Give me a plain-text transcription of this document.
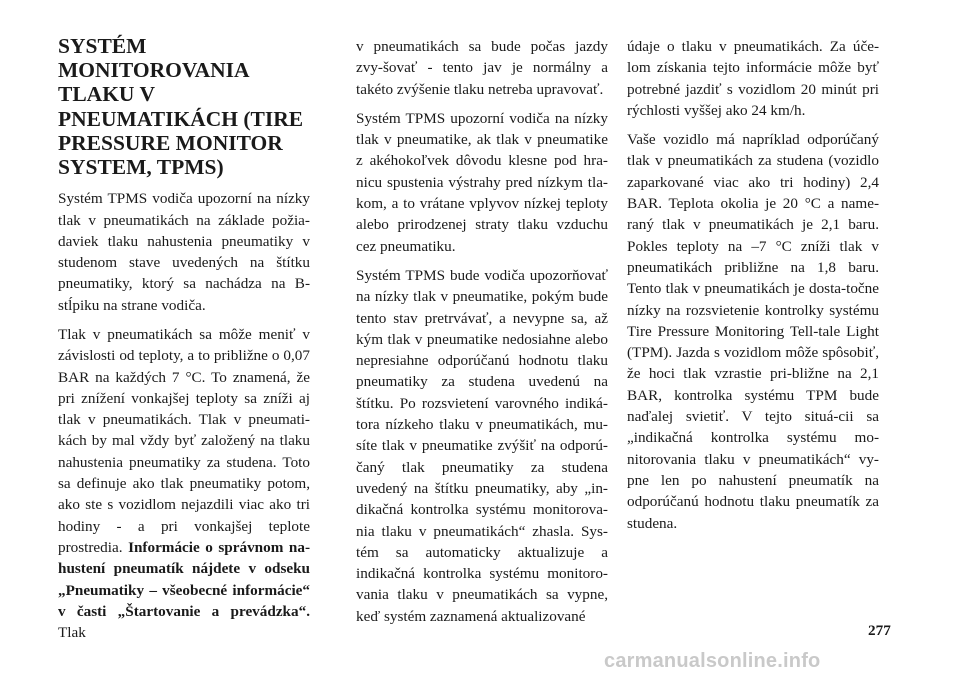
SYSTÉM
MONITOROVANIA
TLAKU V
PNEUMATIKÁCH (TIRE
PRESSURE MONITOR
SYSTEM, TPMS)

Systém TPMS vodiča upozorní na nízky tlak v pneumatikách na základe požia-daviek tlaku nahustenia pneumatiky v studenom stave uvedených na štítku pneumatiky, ktorý sa nachádza na B-stĺpiku na strane vodiča.

Tlak v pneumatikách sa môže meniť v závislosti od teploty, a to približne o 0,07 BAR na každých 7 °C. To znamená, že pri znížení vonkajšej teploty sa zníži aj tlak v pneumatikách. Tlak v pneumati-kách by mal vždy byť založený na tlaku nahustenia pneumatiky za studena. Toto sa definuje ako tlak pneumatiky potom, ako ste s vozidlom nejazdili viac ako tri hodiny - a pri vonkajšej teplote prostredia. Informácie o správnom na-hustení pneumatík nájdete v odseku „Pneumatiky – všeobecné informácie“ v časti „Štartovanie a prevádzka“. Tlak

v pneumatikách sa bude počas jazdy zvy-šovať - tento jav je normálny a takéto zvýšenie tlaku netreba upravovať.

Systém TPMS upozorní vodiča na nízky tlak v pneumatike, ak tlak v pneumatike z akéhokoľvek dôvodu klesne pod hra-nicu spustenia výstrahy pred nízkym tla-kom, a to vrátane vplyvov nízkej teploty alebo prirodzenej straty tlaku vzduchu cez pneumatiku.

Systém TPMS bude vodiča upozorňovať na nízky tlak v pneumatike, pokým bude tento stav pretrvávať, a nevypne sa, až kým tlak v pneumatike nedosiahne alebo nepresiahne odporúčanú hodnotu tlaku pneumatiky za studena uvedenú na štítku. Po rozsvietení varovného indiká-tora nízkeho tlaku v pneumatikách, mu-síte tlak v pneumatike zvýšiť na odporú-čaný tlak pneumatiky za studena uvedený na štítku pneumatiky, aby „in-dikačná kontrolka systému monitorova-nia tlaku v pneumatikách“ zhasla. Sys-tém sa automaticky aktualizuje a indikačná kontrolka systému monitoro-vania tlaku v pneumatikách sa vypne, keď systém zaznamená aktualizované

údaje o tlaku v pneumatikách. Za úče-lom získania tejto informácie môže byť potrebné jazdiť s vozidlom 20 minút pri rýchlosti vyššej ako 24 km/h.

Vaše vozidlo má napríklad odporúčaný tlak v pneumatikách za studena (vozidlo zaparkované viac ako tri hodiny) 2,4 BAR. Teplota okolia je 20 °C a name-raný tlak v pneumatikách je 2,1 baru. Pokles teploty na –7 °C zníži tlak v pneumatikách približne na 1,8 baru. Tento tlak v pneumatikách je dosta-točne nízky na rozsvietenie kontrolky systému Tire Pressure Monitoring Tell-tale Light (TPM). Jazda s vozidlom môže spôsobiť, že hoci tlak vzrastie pri-bližne na 2,1 BAR, kontrolka systému TPM bude naďalej svietiť. V tejto situá-cii sa „indikačná kontrolka systému mo-nitorovania tlaku v pneumatikách“ vy-pne len po nahustení pneumatík na odporúčanú hodnotu tlaku pneumatík za studena.

277
carmanualsonline.info
